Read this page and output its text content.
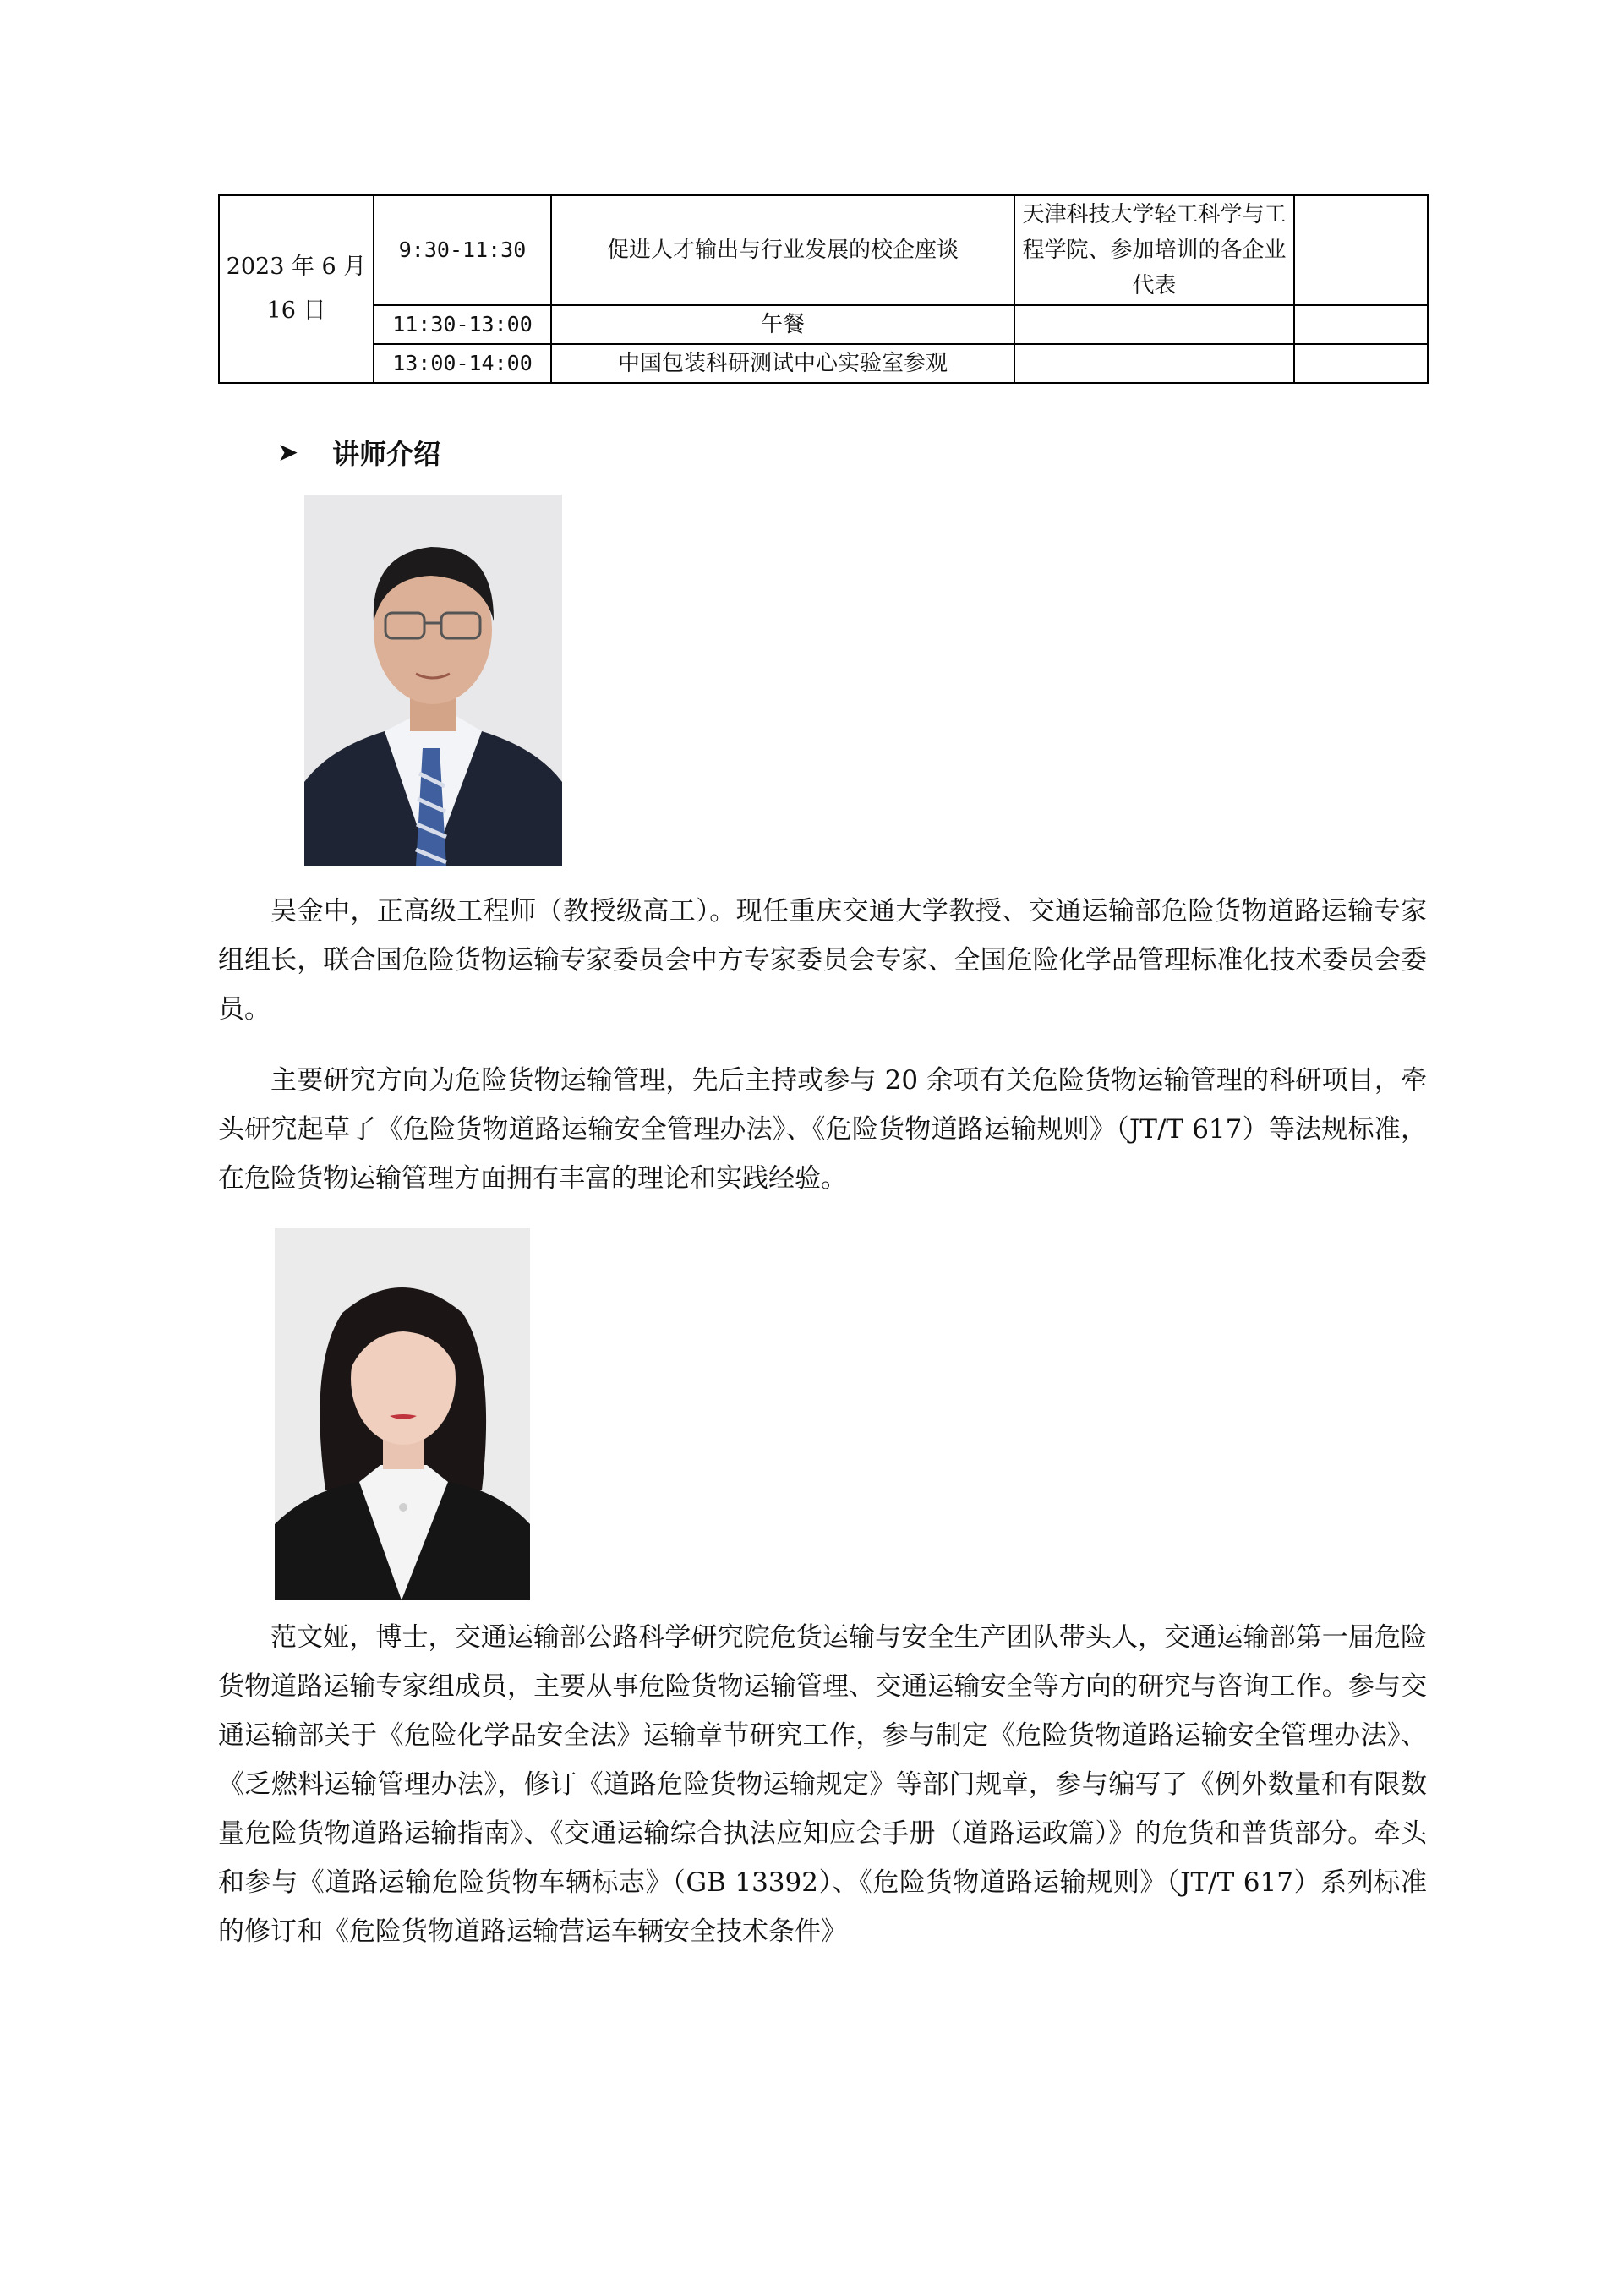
2023 年 6 月 16 日	9:30-11:30	促进人才输出与行业发展的校企座谈	天津科技大学轻工科学与工程学院、参加培训的各企业代表	
	11:30-13:00	午餐		
	13:00-14:00	中国包装科研测试中心实验室参观		
➤ 讲师介绍

吴金中，正高级工程师（教授级高工）。现任重庆交通大学教授、交通运输部危险货物道路运输专家组组长，联合国危险货物运输专家委员会中方专家委员会专家、全国危险化学品管理标准化技术委员会委员。

主要研究方向为危险货物运输管理，先后主持或参与 20 余项有关危险货物运输管理的科研项目，牵头研究起草了《危险货物道路运输安全管理办法》、《危险货物道路运输规则》（JT/T 617）等法规标准，在危险货物运输管理方面拥有丰富的理论和实践经验。

范文娅，博士，交通运输部公路科学研究院危货运输与安全生产团队带头人，交通运输部第一届危险货物道路运输专家组成员，主要从事危险货物运输管理、交通运输安全等方向的研究与咨询工作。参与交通运输部关于《危险化学品安全法》运输章节研究工作，参与制定《危险货物道路运输安全管理办法》、《乏燃料运输管理办法》，修订《道路危险货物运输规定》等部门规章，参与编写了《例外数量和有限数量危险货物道路运输指南》、《交通运输综合执法应知应会手册（道路运政篇）》的危货和普货部分。牵头和参与《道路运输危险货物车辆标志》（GB 13392）、《危险货物道路运输规则》（JT/T 617）系列标准的修订和《危险货物道路运输营运车辆安全技术条件》
